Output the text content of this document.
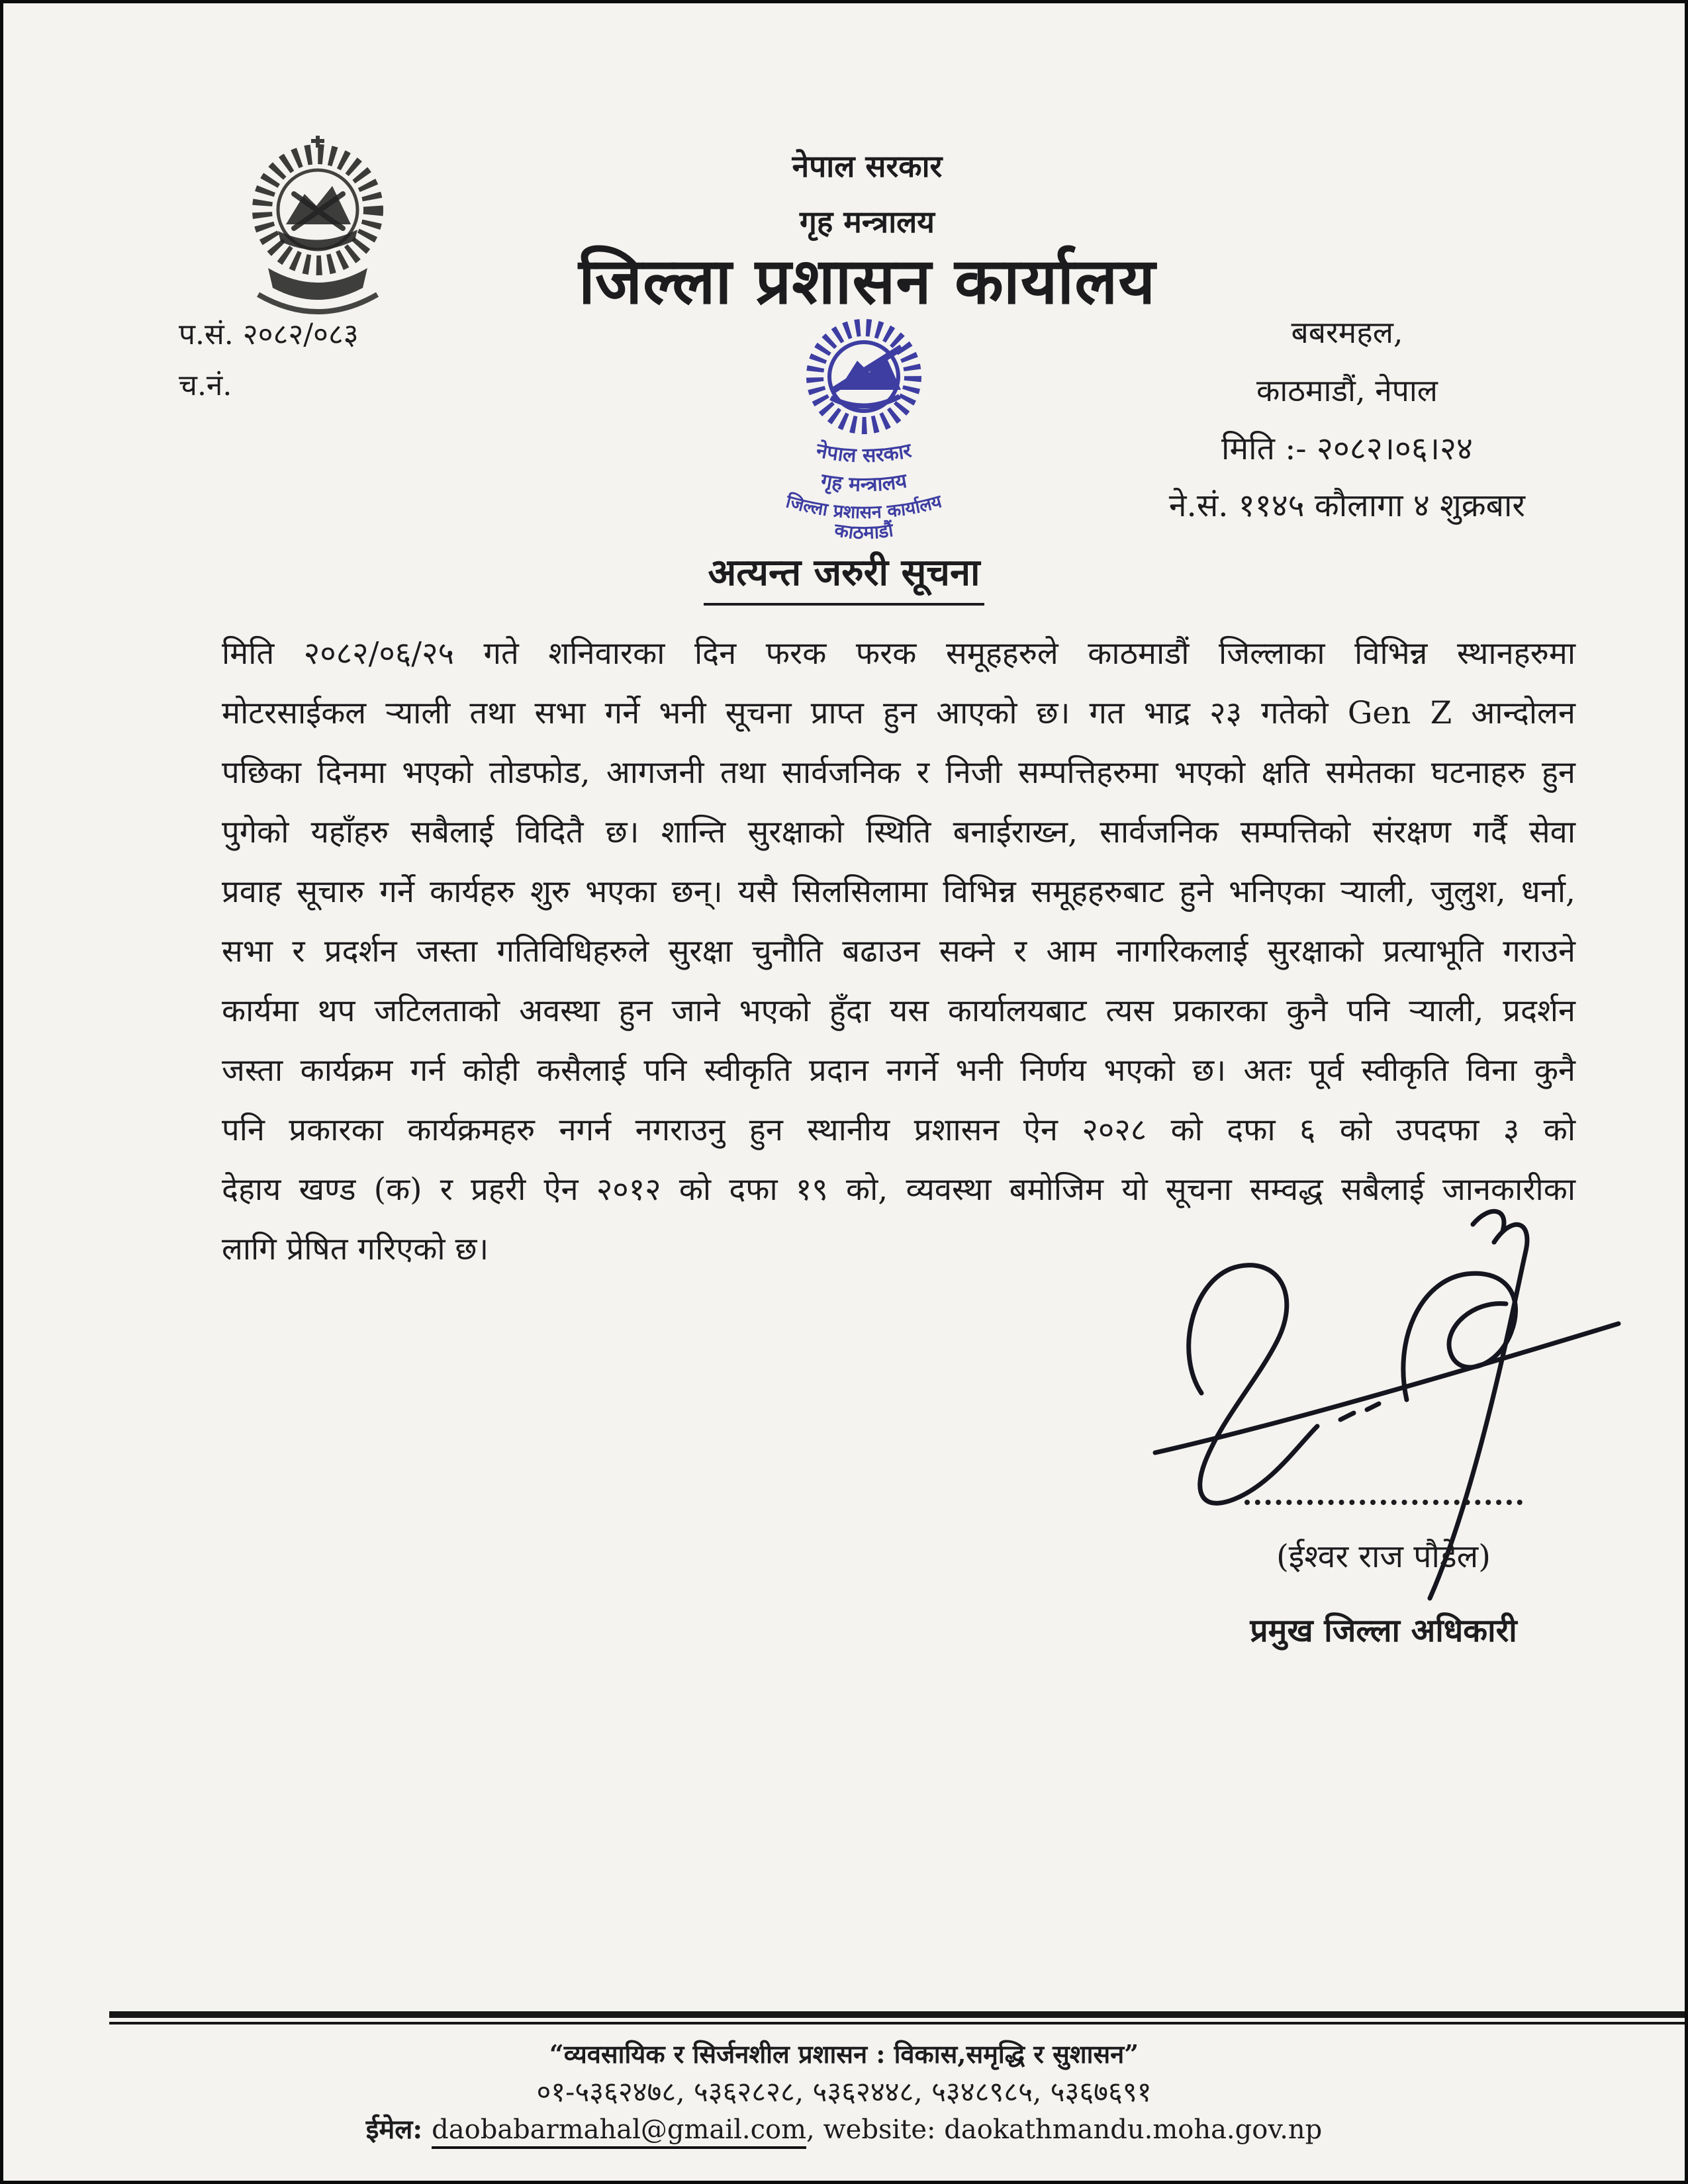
नेपाल सरकार
गृह मन्त्रालय
जिल्ला प्रशासन कार्यालय
प.सं. २०८२/०८३
च.नं.
नेपाल सरकार
गृह मन्त्रालय
जिल्ला प्रशासन कार्यालय
काठमाडौं
बबरमहल,
काठमाडौं, नेपाल
मिति :- २०८२।०६।२४
ने.सं. ११४५ कौलागा ४ शुक्रबार
अत्यन्त जरुरी सूचना
मिति २०८२/०६/२५ गते शनिवारका दिन फरक फरक समूहहरुले काठमाडौं जिल्लाका विभिन्न स्थानहरुमा
मोटरसाईकल ऱ्याली तथा सभा गर्ने भनी सूचना प्राप्त हुन आएको छ। गत भाद्र २३ गतेको Gen Z आन्दोलन
पछिका दिनमा भएको तोडफोड, आगजनी तथा सार्वजनिक र निजी सम्पत्तिहरुमा भएको क्षति समेतका घटनाहरु हुन
पुगेको यहाँहरु सबैलाई विदितै छ। शान्ति सुरक्षाको स्थिति बनाईराख्न, सार्वजनिक सम्पत्तिको संरक्षण गर्दै सेवा
प्रवाह सूचारु गर्ने कार्यहरु शुरु भएका छन्। यसै सिलसिलामा विभिन्न समूहहरुबाट हुने भनिएका ऱ्याली, जुलुश, धर्ना,
सभा र प्रदर्शन जस्ता गतिविधिहरुले सुरक्षा चुनौति बढाउन सक्ने र आम नागरिकलाई सुरक्षाको प्रत्याभूति गराउने
कार्यमा थप जटिलताको अवस्था हुन जाने भएको हुँदा यस कार्यालयबाट त्यस प्रकारका कुनै पनि ऱ्याली, प्रदर्शन
जस्ता कार्यक्रम गर्न कोही कसैलाई पनि स्वीकृति प्रदान नगर्ने भनी निर्णय भएको छ। अतः पूर्व स्वीकृति विना कुनै
पनि प्रकारका कार्यक्रमहरु नगर्न नगराउनु हुन स्थानीय प्रशासन ऐन २०२८ को दफा ६ को उपदफा ३ को
देहाय खण्ड (क) र प्रहरी ऐन २०१२ को दफा १९ को, व्यवस्था बमोजिम यो सूचना सम्वद्ध सबैलाई जानकारीका
लागि प्रेषित गरिएको छ।
(ईश्वर राज पौडेल)
प्रमुख जिल्ला अधिकारी
“व्यवसायिक र सिर्जनशील प्रशासन : विकास,समृद्धि र सुशासन”
०१-५३६२४७८, ५३६२८२८, ५३६२४४८, ५३४८९८५, ५३६७६९१
ईमेल: daobabarmahal@gmail.com, website: daokathmandu.moha.gov.np
